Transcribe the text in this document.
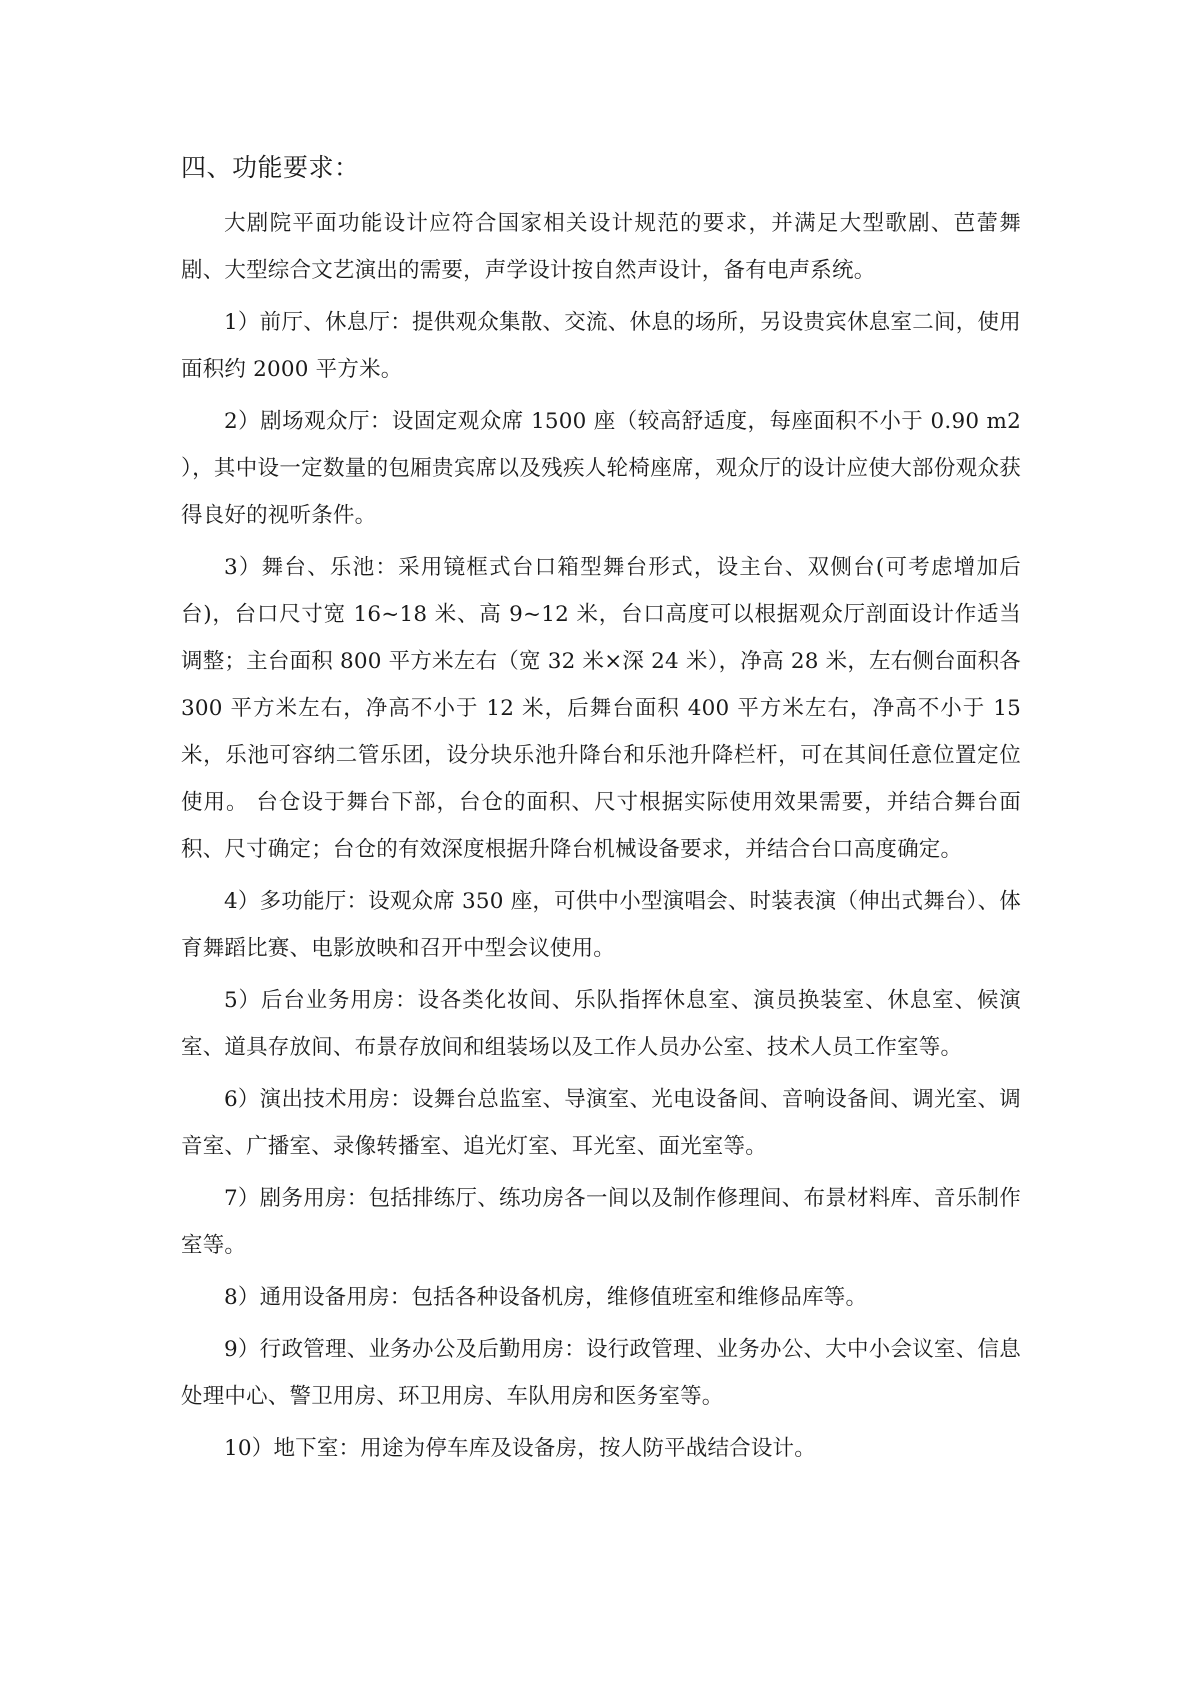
四、功能要求：

大剧院平面功能设计应符合国家相关设计规范的要求，并满足大型歌剧、芭蕾舞剧、大型综合文艺演出的需要，声学设计按自然声设计，备有电声系统。

1）前厅、休息厅：提供观众集散、交流、休息的场所，另设贵宾休息室二间，使用面积约 2000 平方米。

2）剧场观众厅：设固定观众席 1500 座（较高舒适度，每座面积不小于 0.90 m2 ），其中设一定数量的包厢贵宾席以及残疾人轮椅座席，观众厅的设计应使大部份观众获得良好的视听条件。

3）舞台、乐池：采用镜框式台口箱型舞台形式，设主台、双侧台(可考虑增加后台)，台口尺寸宽 16~18 米、高 9~12 米，台口高度可以根据观众厅剖面设计作适当调整；主台面积 800 平方米左右（宽 32 米×深 24 米），净高 28 米，左右侧台面积各 300 平方米左右，净高不小于 12 米，后舞台面积 400 平方米左右，净高不小于 15 米，乐池可容纳二管乐团，设分块乐池升降台和乐池升降栏杆，可在其间任意位置定位使用。 台仓设于舞台下部，台仓的面积、尺寸根据实际使用效果需要，并结合舞台面积、尺寸确定；台仓的有效深度根据升降台机械设备要求，并结合台口高度确定。

4）多功能厅：设观众席 350 座，可供中小型演唱会、时装表演（伸出式舞台）、体育舞蹈比赛、电影放映和召开中型会议使用。

5）后台业务用房：设各类化妆间、乐队指挥休息室、演员换装室、休息室、候演室、道具存放间、布景存放间和组装场以及工作人员办公室、技术人员工作室等。

6）演出技术用房：设舞台总监室、导演室、光电设备间、音响设备间、调光室、调音室、广播室、录像转播室、追光灯室、耳光室、面光室等。

7）剧务用房：包括排练厅、练功房各一间以及制作修理间、布景材料库、音乐制作室等。

8）通用设备用房：包括各种设备机房，维修值班室和维修品库等。

9）行政管理、业务办公及后勤用房：设行政管理、业务办公、大中小会议室、信息处理中心、警卫用房、环卫用房、车队用房和医务室等。

10）地下室：用途为停车库及设备房，按人防平战结合设计。
